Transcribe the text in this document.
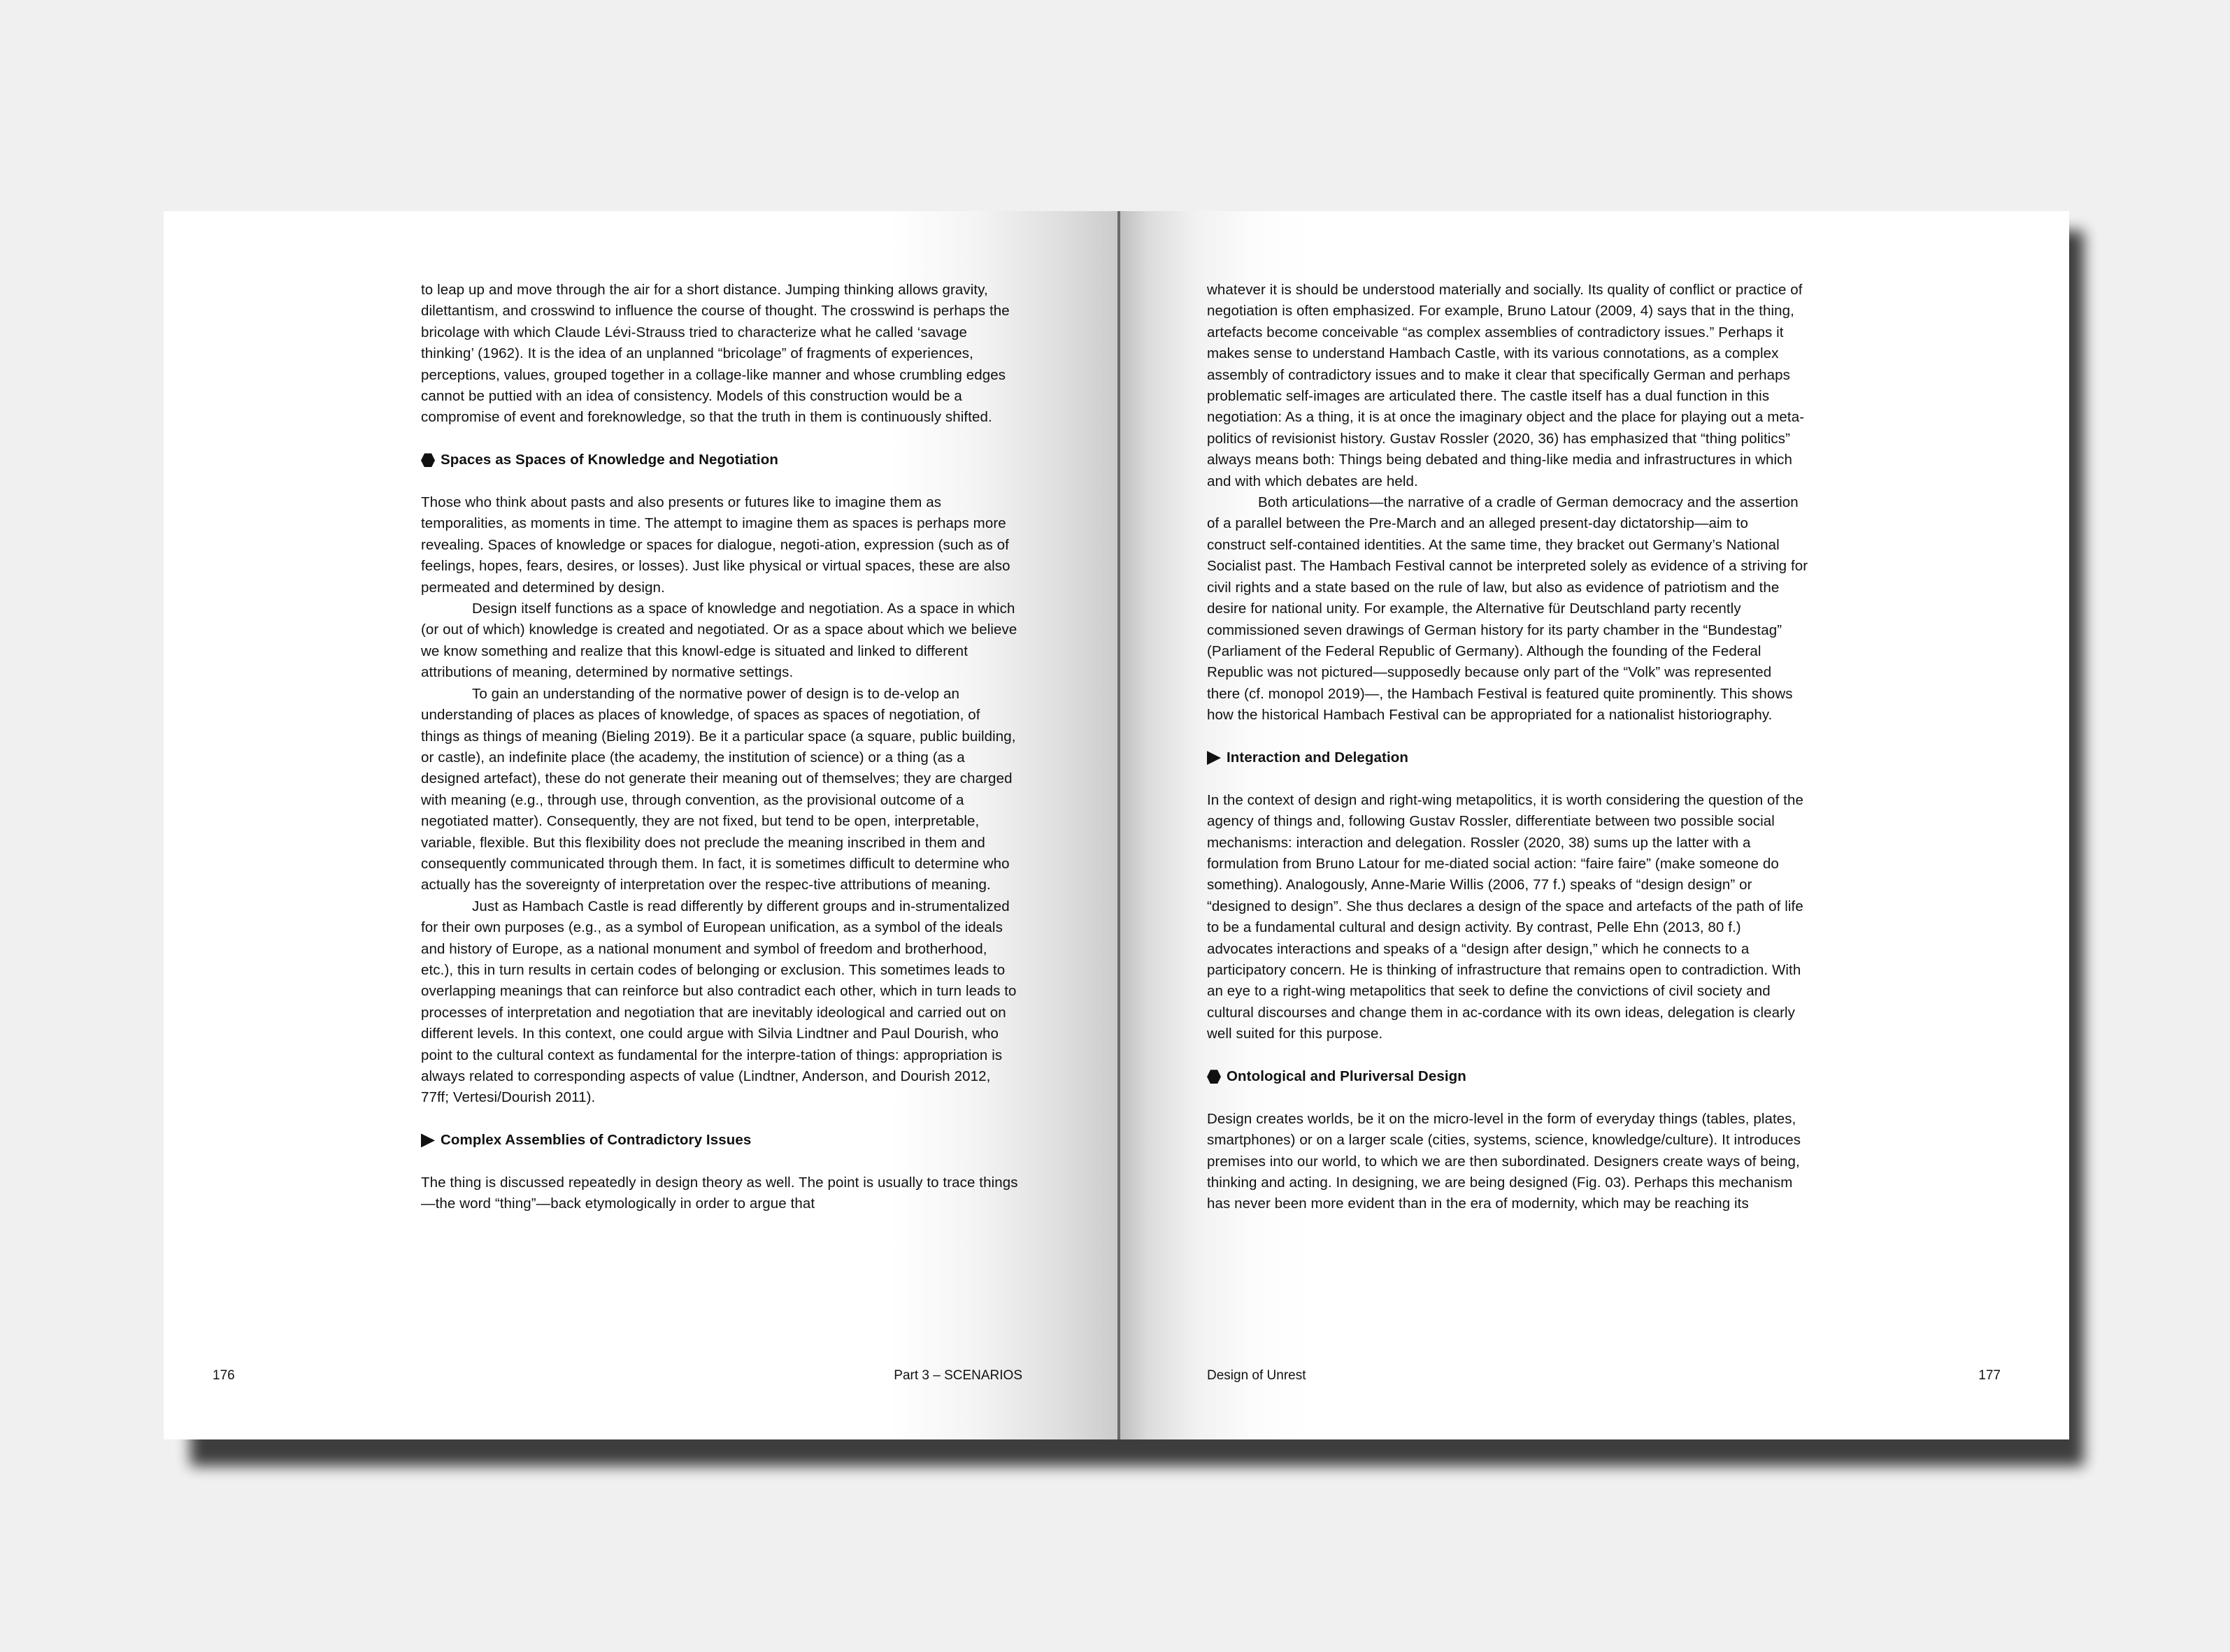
to leap up and move through the air for a short distance. Jumping thinking allows gravity, dilettantism, and crosswind to influence the course of thought. The crosswind is perhaps the bricolage with which Claude Lévi-Strauss tried to characterize what he called ‘savage thinking’ (1962). It is the idea of an unplanned “bricolage” of fragments of experiences, perceptions, values, grouped together in a collage-like manner and whose crumbling edges cannot be puttied with an idea of consistency. Models of this construction would be a compromise of event and foreknowledge, so that the truth in them is continuously shifted.

Spaces as Spaces of Knowledge and Negotiation

Those who think about pasts and also presents or futures like to imagine them as temporalities, as moments in time. The attempt to imagine them as spaces is perhaps more revealing. Spaces of knowledge or spaces for dialogue, negoti-ation, expression (such as of feelings, hopes, fears, desires, or losses). Just like physical or virtual spaces, these are also permeated and determined by design.

Design itself functions as a space of knowledge and negotiation. As a space in which (or out of which) knowledge is created and negotiated. Or as a space about which we believe we know something and realize that this knowl-edge is situated and linked to different attributions of meaning, determined by normative settings.

To gain an understanding of the normative power of design is to de-velop an understanding of places as places of knowledge, of spaces as spaces of negotiation, of things as things of meaning (Bieling 2019). Be it a particular space (a square, public building, or castle), an indefinite place (the academy, the institution of science) or a thing (as a designed artefact), these do not generate their meaning out of themselves; they are charged with meaning (e.g., through use, through convention, as the provisional outcome of a negotiated matter). Consequently, they are not fixed, but tend to be open, interpretable, variable, flexible. But this flexibility does not preclude the meaning inscribed in them and consequently communicated through them. In fact, it is sometimes difficult to determine who actually has the sovereignty of interpretation over the respec-tive attributions of meaning.

Just as Hambach Castle is read differently by different groups and in-strumentalized for their own purposes (e.g., as a symbol of European unification, as a symbol of the ideals and history of Europe, as a national monument and symbol of freedom and brotherhood, etc.), this in turn results in certain codes of belonging or exclusion. This sometimes leads to overlapping meanings that can reinforce but also contradict each other, which in turn leads to processes of interpretation and negotiation that are inevitably ideological and carried out on different levels. In this context, one could argue with Silvia Lindtner and Paul Dourish, who point to the cultural context as fundamental for the interpre-tation of things: appropriation is always related to corresponding aspects of value (Lindtner, Anderson, and Dourish 2012, 77ff; Vertesi/Dourish 2011).

Complex Assemblies of Contradictory Issues

The thing is discussed repeatedly in design theory as well. The point is usually to trace things—the word “thing”—back etymologically in order to argue that

176	Part 3 – SCENARIOS

whatever it is should be understood materially and socially. Its quality of conflict or practice of negotiation is often emphasized. For example, Bruno Latour (2009, 4) says that in the thing, artefacts become conceivable “as complex assemblies of contradictory issues.” Perhaps it makes sense to understand Hambach Castle, with its various connotations, as a complex assembly of contradictory issues and to make it clear that specifically German and perhaps problematic self-images are articulated there. The castle itself has a dual function in this negotiation: As a thing, it is at once the imaginary object and the place for playing out a meta-politics of revisionist history. Gustav Rossler (2020, 36) has emphasized that “thing politics” always means both: Things being debated and thing-like media and infrastructures in which and with which debates are held.

Both articulations—the narrative of a cradle of German democracy and the assertion of a parallel between the Pre-March and an alleged present-day dictatorship—aim to construct self-contained identities. At the same time, they bracket out Germany’s National Socialist past. The Hambach Festival cannot be interpreted solely as evidence of a striving for civil rights and a state based on the rule of law, but also as evidence of patriotism and the desire for national unity. For example, the Alternative für Deutschland party recently commissioned seven drawings of German history for its party chamber in the “Bundestag” (Parliament of the Federal Republic of Germany). Although the founding of the Federal Republic was not pictured—supposedly because only part of the “Volk” was represented there (cf. monopol 2019)—, the Hambach Festival is featured quite prominently. This shows how the historical Hambach Festival can be appropriated for a nationalist historiography.

Interaction and Delegation

In the context of design and right-wing metapolitics, it is worth considering the question of the agency of things and, following Gustav Rossler, differentiate between two possible social mechanisms: interaction and delegation. Rossler (2020, 38) sums up the latter with a formulation from Bruno Latour for me-diated social action: “faire faire” (make someone do something). Analogously, Anne-Marie Willis (2006, 77 f.) speaks of “design design” or “designed to design”. She thus declares a design of the space and artefacts of the path of life to be a fundamental cultural and design activity. By contrast, Pelle Ehn (2013, 80 f.) advocates interactions and speaks of a “design after design,” which he connects to a participatory concern. He is thinking of infrastructure that remains open to contradiction. With an eye to a right-wing metapolitics that seek to define the convictions of civil society and cultural discourses and change them in ac-cordance with its own ideas, delegation is clearly well suited for this purpose.

Ontological and Pluriversal Design

Design creates worlds, be it on the micro-level in the form of everyday things (tables, plates, smartphones) or on a larger scale (cities, systems, science, knowledge/culture). It introduces premises into our world, to which we are then subordinated. Designers create ways of being, thinking and acting. In designing, we are being designed (Fig. 03). Perhaps this mechanism has never been more evident than in the era of modernity, which may be reaching its

Design of Unrest	177
